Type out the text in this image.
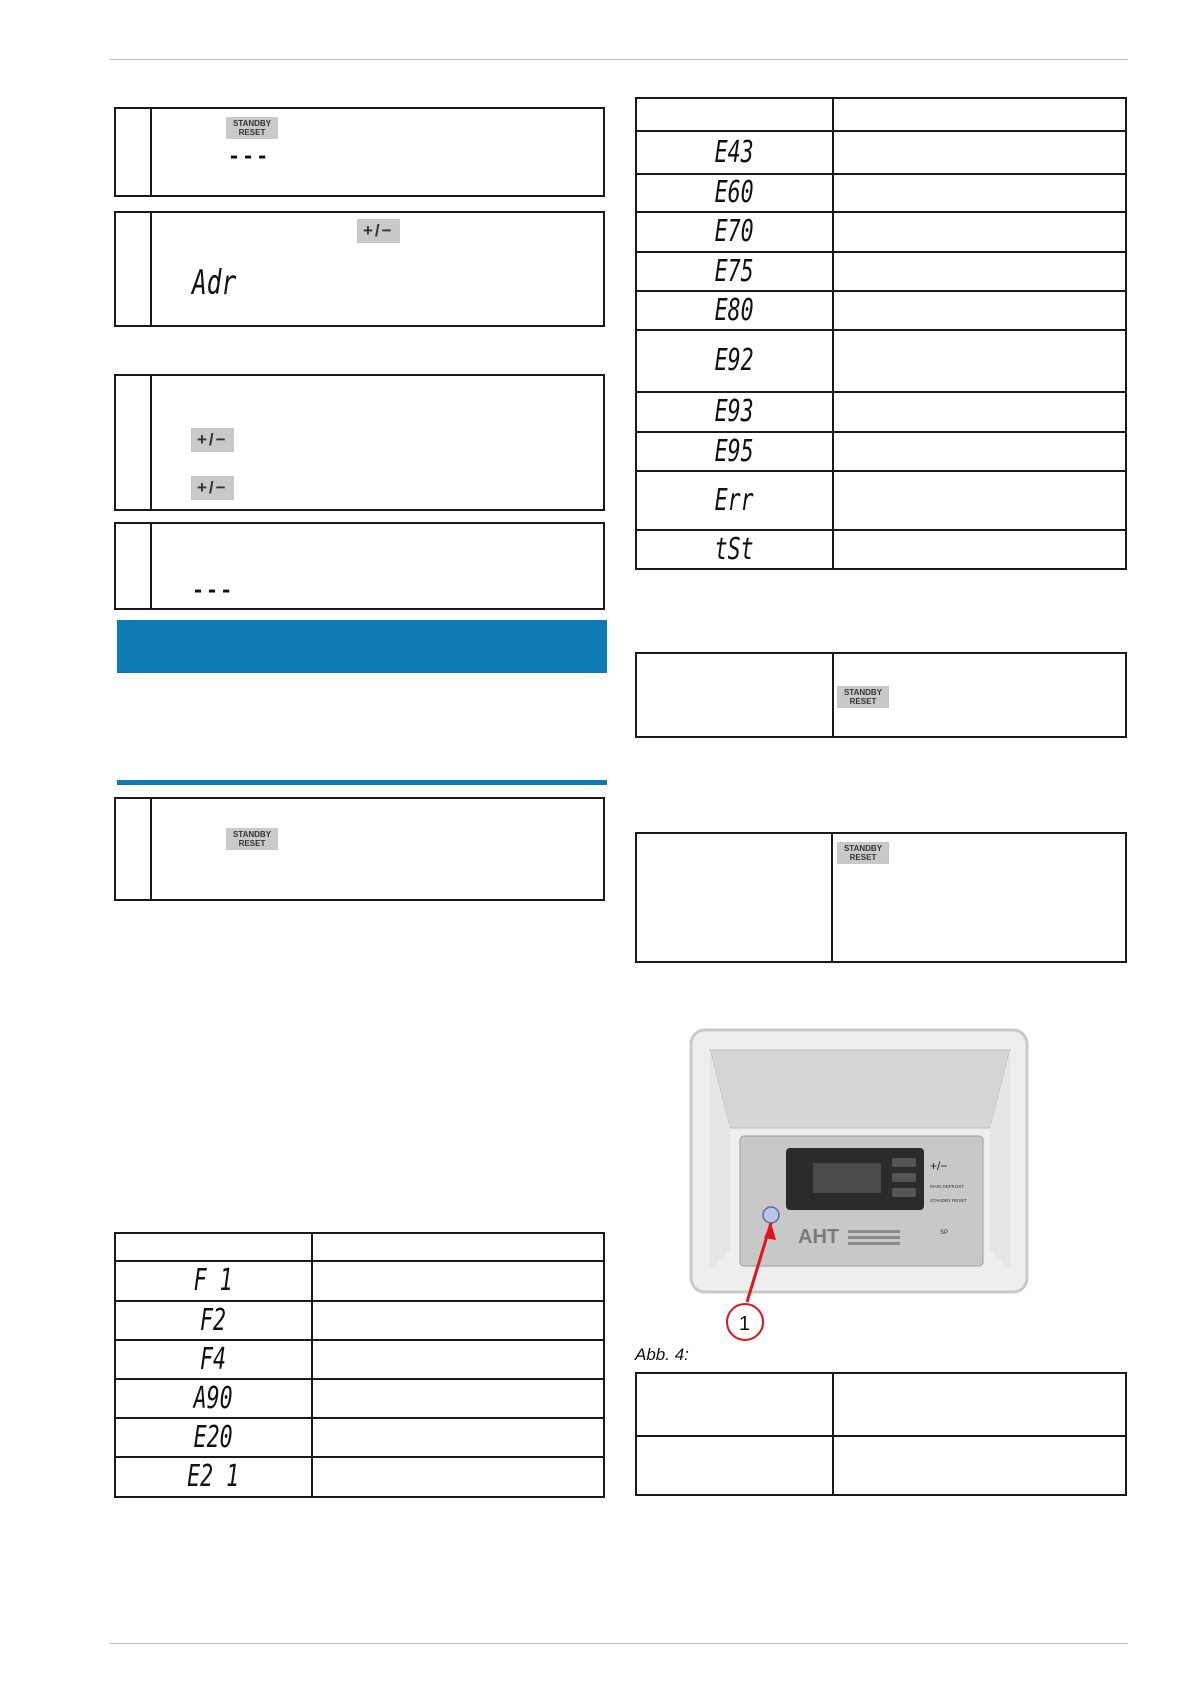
STANDBY
RESET
---
+/−
Adr
+/−
+/−
---
STANDBY
RESET

F 1	
F2	
F4	
A90	
E20	
E2 1	

E43	
E60	
E70	
E75	
E80	
E92	
E93	
E95	
Err	
tSt	
STANDBY
RESET
STANDBY
RESET
+/−
MAIN DEFROST
STANDBY RESET
SP
AHT
1
Abb. 4:
